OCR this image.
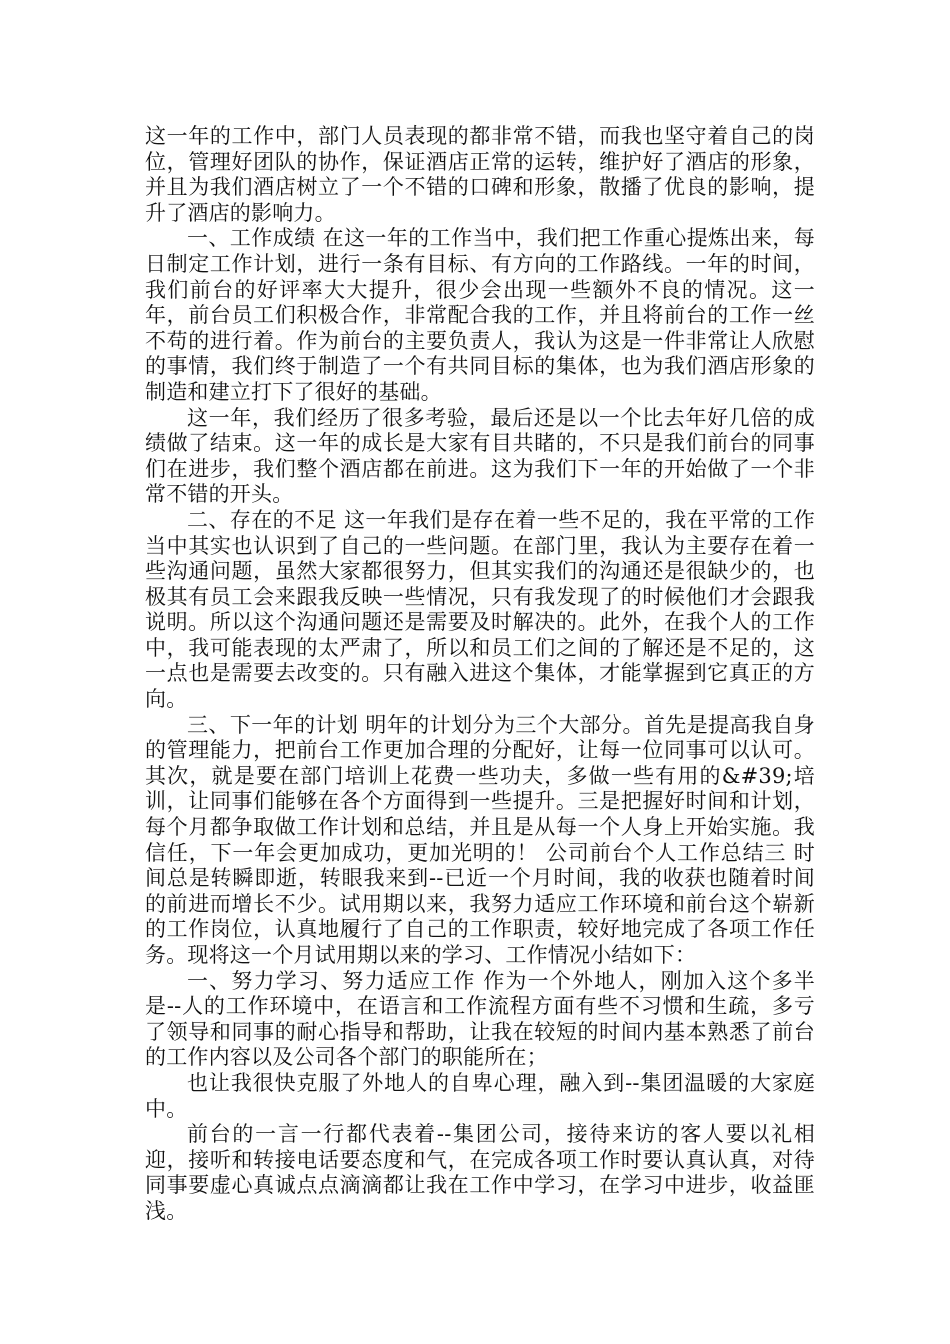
这一年的工作中，部门人员表现的都非常不错，而我也坚守着自己的岗位，管理好团队的协作，保证酒店正常的运转，维护好了酒店的形象，并且为我们酒店树立了一个不错的口碑和形象，散播了优良的影响，提升了酒店的影响力。

一、工作成绩 在这一年的工作当中，我们把工作重心提炼出来，每日制定工作计划，进行一条有目标、有方向的工作路线。一年的时间，我们前台的好评率大大提升，很少会出现一些额外不良的情况。这一年，前台员工们积极合作，非常配合我的工作，并且将前台的工作一丝不苟的进行着。作为前台的主要负责人，我认为这是一件非常让人欣慰的事情，我们终于制造了一个有共同目标的集体，也为我们酒店形象的制造和建立打下了很好的基础。

这一年，我们经历了很多考验，最后还是以一个比去年好几倍的成绩做了结束。这一年的成长是大家有目共睹的，不只是我们前台的同事们在进步，我们整个酒店都在前进。这为我们下一年的开始做了一个非常不错的开头。

二、存在的不足 这一年我们是存在着一些不足的，我在平常的工作当中其实也认识到了自己的一些问题。在部门里，我认为主要存在着一些沟通问题，虽然大家都很努力，但其实我们的沟通还是很缺少的，也极其有员工会来跟我反映一些情况，只有我发现了的时候他们才会跟我说明。所以这个沟通问题还是需要及时解决的。此外，在我个人的工作中，我可能表现的太严肃了，所以和员工们之间的了解还是不足的，这一点也是需要去改变的。只有融入进这个集体，才能掌握到它真正的方向。

三、下一年的计划 明年的计划分为三个大部分。首先是提高我自身的管理能力，把前台工作更加合理的分配好，让每一位同事可以认可。其次，就是要在部门培训上花费一些功夫，多做一些有用的&#39;培训，让同事们能够在各个方面得到一些提升。三是把握好时间和计划，每个月都争取做工作计划和总结，并且是从每一个人身上开始实施。我信任，下一年会更加成功，更加光明的！ 公司前台个人工作总结三 时间总是转瞬即逝，转眼我来到--已近一个月时间，我的收获也随着时间的前进而增长不少。试用期以来，我努力适应工作环境和前台这个崭新的工作岗位，认真地履行了自己的工作职责，较好地完成了各项工作任务。现将这一个月试用期以来的学习、工作情况小结如下：

一、努力学习、努力适应工作 作为一个外地人，刚加入这个多半是--人的工作环境中，在语言和工作流程方面有些不习惯和生疏，多亏了领导和同事的耐心指导和帮助，让我在较短的时间内基本熟悉了前台的工作内容以及公司各个部门的职能所在；

也让我很快克服了外地人的自卑心理，融入到--集团温暖的大家庭中。

前台的一言一行都代表着--集团公司，接待来访的客人要以礼相迎，接听和转接电话要态度和气，在完成各项工作时要认真认真，对待同事要虚心真诚点点滴滴都让我在工作中学习，在学习中进步，收益匪浅。
